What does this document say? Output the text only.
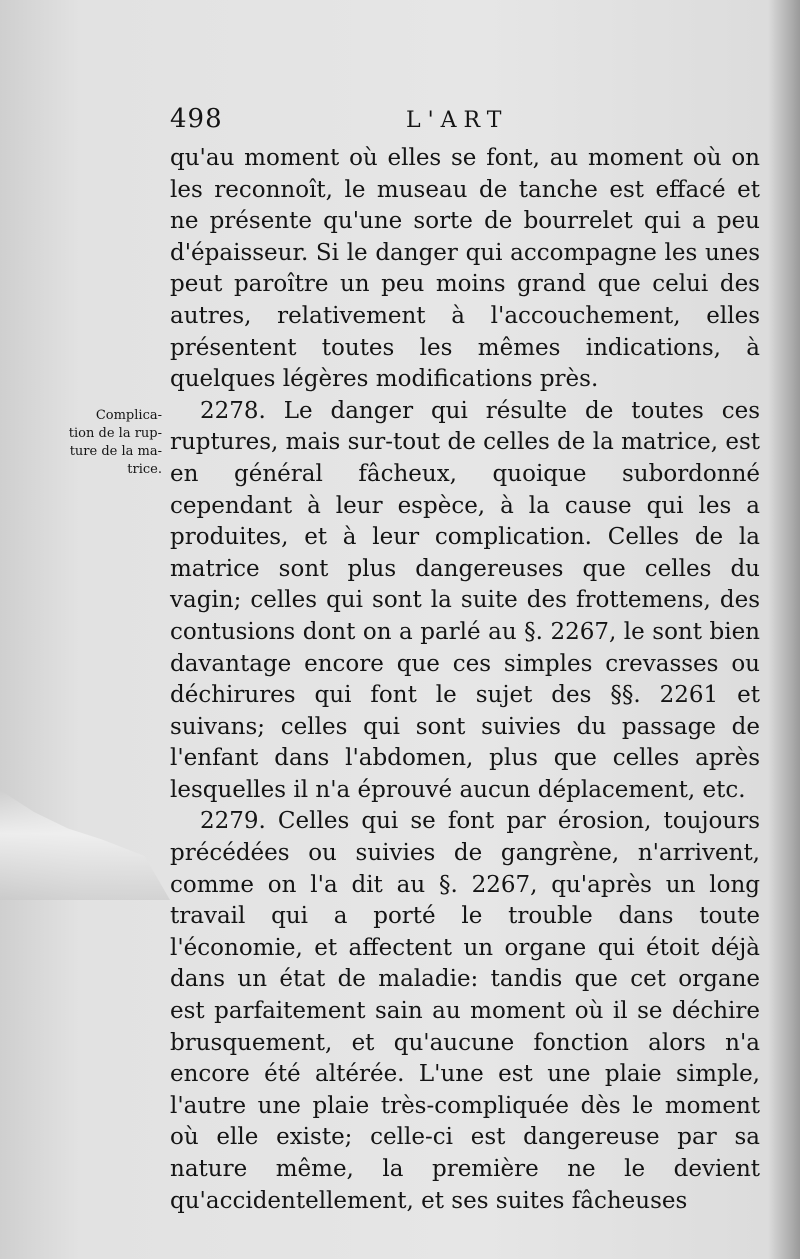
498	L'ART
Complica-
tion de la rup-
ture de la ma-
trice.

qu'au moment où elles se font, au moment où on les reconnoît, le museau de tanche est effacé et ne présente qu'une sorte de bourrelet qui a peu d'épaisseur. Si le danger qui accompagne les unes peut paroître un peu moins grand que celui des autres, relativement à l'accouchement, elles présentent toutes les mêmes indications, à quelques légères modifications près.

2278. Le danger qui résulte de toutes ces ruptures, mais sur-tout de celles de la matrice, est en général fâcheux, quoique subordonné cependant à leur espèce, à la cause qui les a produites, et à leur complication. Celles de la matrice sont plus dangereuses que celles du vagin; celles qui sont la suite des frottemens, des contusions dont on a parlé au §. 2267, le sont bien davantage encore que ces simples crevasses ou déchirures qui font le sujet des §§. 2261 et suivans; celles qui sont suivies du passage de l'enfant dans l'abdomen, plus que celles après lesquelles il n'a éprouvé aucun déplacement, etc.

2279. Celles qui se font par érosion, toujours précédées ou suivies de gangrène, n'arrivent, comme on l'a dit au §. 2267, qu'après un long travail qui a porté le trouble dans toute l'économie, et affectent un organe qui étoit déjà dans un état de maladie: tandis que cet organe est parfaitement sain au moment où il se déchire brusquement, et qu'aucune fonction alors n'a encore été altérée. L'une est une plaie simple, l'autre une plaie très-compliquée dès le moment où elle existe; celle-ci est dangereuse par sa nature même, la première ne le devient qu'accidentellement, et ses suites fâcheuses
